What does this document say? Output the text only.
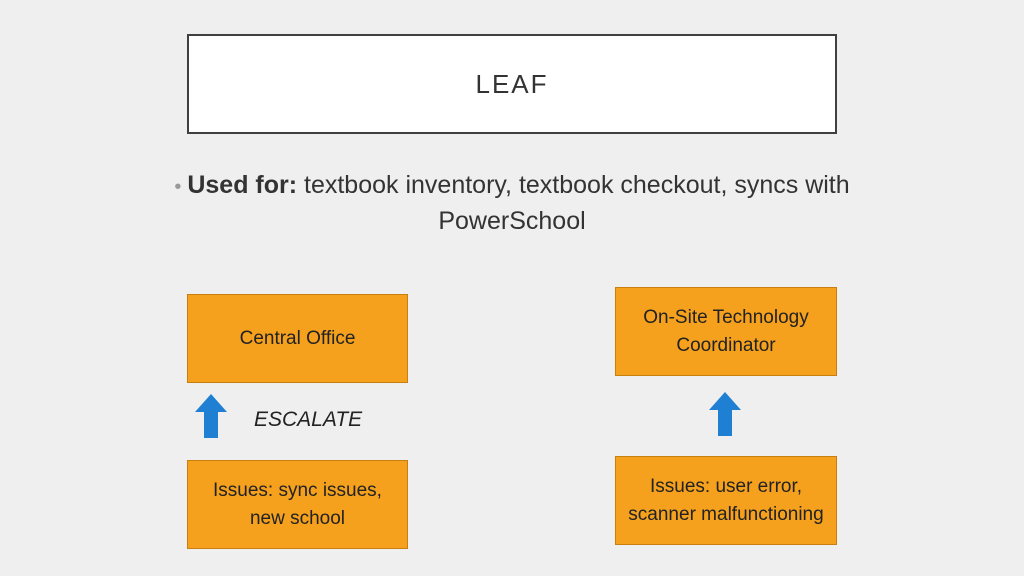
LEAF
• Used for: textbook inventory, textbook checkout, syncs with PowerSchool
Central Office
On-Site Technology Coordinator
ESCALATE
Issues: sync issues, new school
Issues: user error, scanner malfunctioning
